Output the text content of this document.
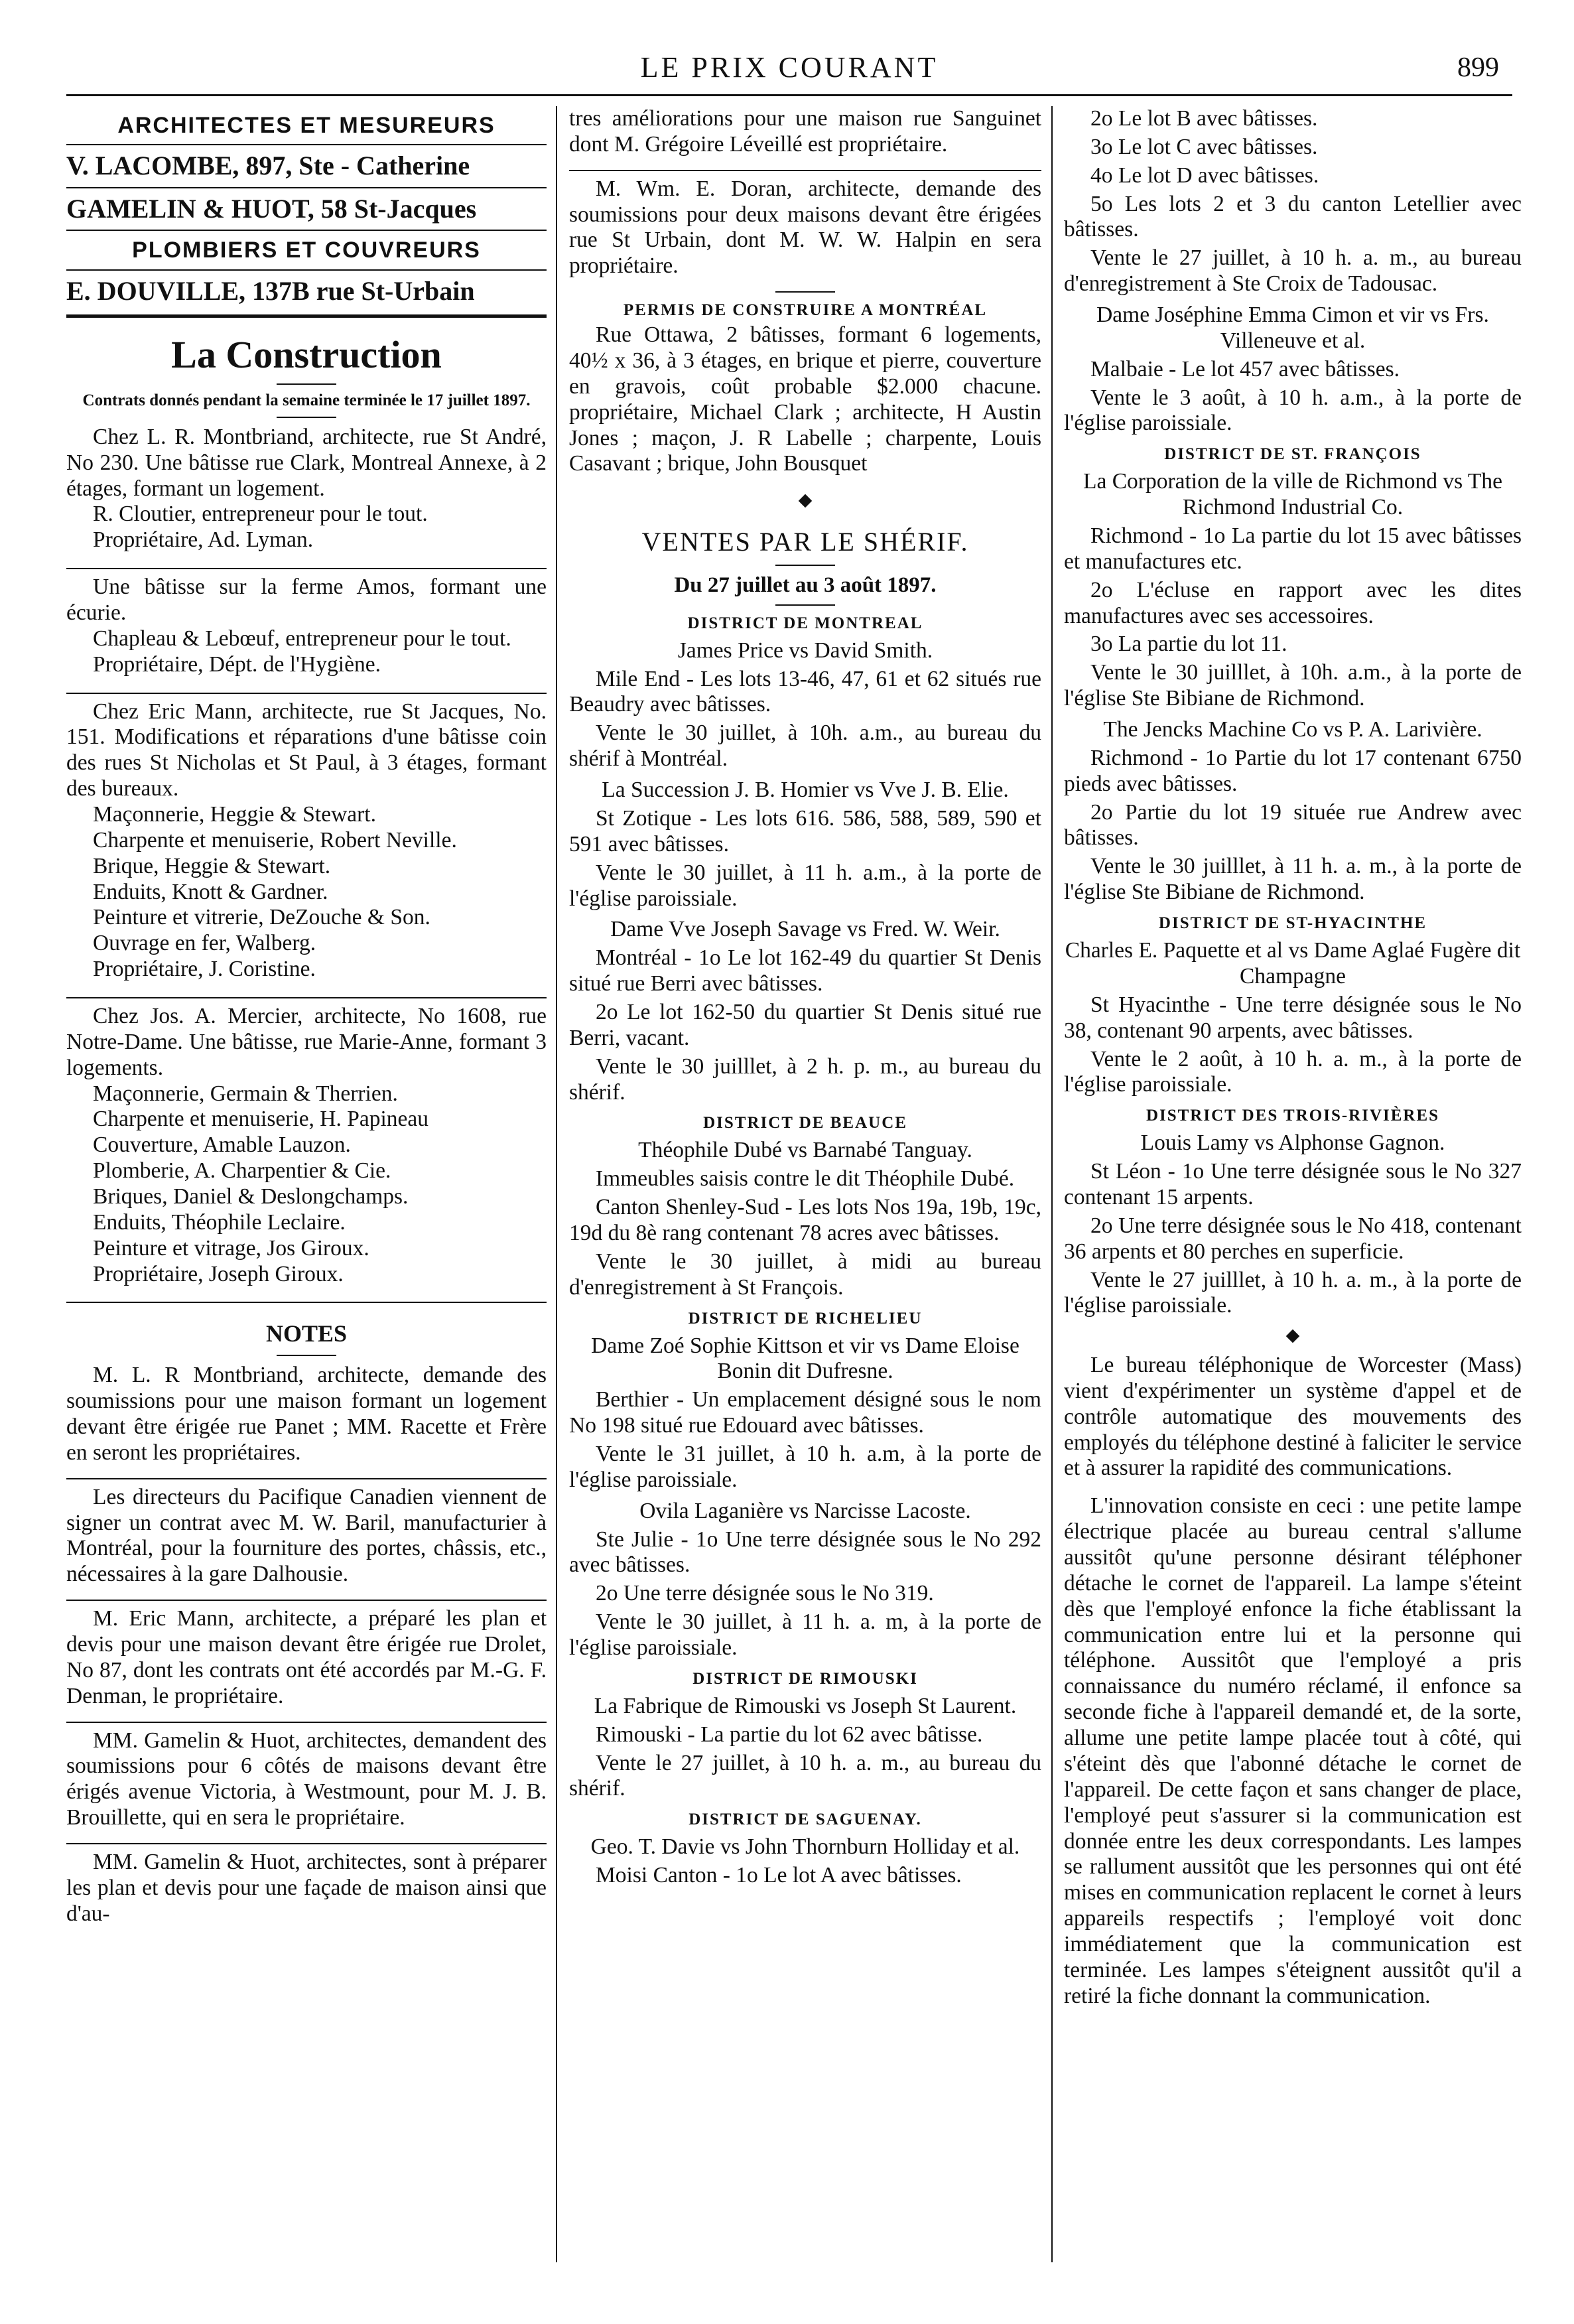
LE PRIX COURANT	899
ARCHITECTES ET MESUREURS
V. LACOMBE, 897, Ste - Catherine
GAMELIN & HUOT, 58 St-Jacques
PLOMBIERS ET COUVREURS
E. DOUVILLE, 137B rue St-Urbain
La Construction
Contrats donnés pendant la semaine terminée le 17 juillet 1897.
Chez L. R. Montbriand, architecte, rue St André, No 230. Une bâtisse rue Clark, Montreal Annexe, à 2 étages, formant un logement.
R. Cloutier, entrepreneur pour le tout.
Propriétaire, Ad. Lyman.
Une bâtisse sur la ferme Amos, formant une écurie.
Chapleau & Lebœuf, entrepreneur pour le tout.
Propriétaire, Dépt. de l'Hygiène.
Chez Eric Mann, architecte, rue St Jacques, No. 151. Modifications et réparations d'une bâtisse coin des rues St Nicholas et St Paul, à 3 étages, formant des bureaux.
Maçonnerie, Heggie & Stewart.
Charpente et menuiserie, Robert Neville.
Brique, Heggie & Stewart.
Enduits, Knott & Gardner.
Peinture et vitrerie, DeZouche & Son.
Ouvrage en fer, Walberg.
Propriétaire, J. Coristine.
Chez Jos. A. Mercier, architecte, No 1608, rue Notre-Dame. Une bâtisse, rue Marie-Anne, formant 3 logements.
Maçonnerie, Germain & Therrien.
Charpente et menuiserie, H. Papineau
Couverture, Amable Lauzon.
Plomberie, A. Charpentier & Cie.
Briques, Daniel & Deslongchamps.
Enduits, Théophile Leclaire.
Peinture et vitrage, Jos Giroux.
Propriétaire, Joseph Giroux.
NOTES

M. L. R Montbriand, architecte, demande des soumissions pour une maison formant un logement devant être érigée rue Panet ; MM. Racette et Frère en seront les propriétaires.

Les directeurs du Pacifique Canadien viennent de signer un contrat avec M. W. Baril, manufacturier à Montréal, pour la fourniture des portes, châssis, etc., nécessaires à la gare Dalhousie.

M. Eric Mann, architecte, a préparé les plan et devis pour une maison devant être érigée rue Drolet, No 87, dont les contrats ont été accordés par M.-G. F. Denman, le propriétaire.

MM. Gamelin & Huot, architectes, demandent des soumissions pour 6 côtés de maisons devant être érigés avenue Victoria, à Westmount, pour M. J. B. Brouillette, qui en sera le propriétaire.

MM. Gamelin & Huot, architectes, sont à préparer les plan et devis pour une façade de maison ainsi que d'au-

tres améliorations pour une maison rue Sanguinet dont M. Grégoire Léveillé est propriétaire.

M. Wm. E. Doran, architecte, demande des soumissions pour deux maisons devant être érigées rue St Urbain, dont M. W. W. Halpin en sera propriétaire.

PERMIS DE CONSTRUIRE A MONTRÉAL

Rue Ottawa, 2 bâtisses, formant 6 logements, 40½ x 36, à 3 étages, en brique et pierre, couverture en gravois, coût probable $2.000 chacune. propriétaire, Michael Clark ; architecte, H Austin Jones ; maçon, J. R Labelle ; charpente, Louis Casavant ; brique, John Bousquet

⬥
VENTES PAR LE SHÉRIF.
Du 27 juillet au 3 août 1897.
DISTRICT DE MONTREAL
James Price vs David Smith.
Mile End - Les lots 13-46, 47, 61 et 62 situés rue Beaudry avec bâtisses.
Vente le 30 juillet, à 10h. a.m., au bureau du shérif à Montréal.
La Succession J. B. Homier vs Vve J. B. Elie.
St Zotique - Les lots 616. 586, 588, 589, 590 et 591 avec bâtisses.
Vente le 30 juillet, à 11 h. a.m., à la porte de l'église paroissiale.
Dame Vve Joseph Savage vs Fred. W. Weir.
Montréal - 1o Le lot 162-49 du quartier St Denis situé rue Berri avec bâtisses.
2o Le lot 162-50 du quartier St Denis situé rue Berri, vacant.
Vente le 30 juilllet, à 2 h. p. m., au bureau du shérif.
DISTRICT DE BEAUCE
Théophile Dubé vs Barnabé Tanguay.
Immeubles saisis contre le dit Théophile Dubé.
Canton Shenley-Sud - Les lots Nos 19a, 19b, 19c, 19d du 8è rang contenant 78 acres avec bâtisses.
Vente le 30 juillet, à midi au bureau d'enregistrement à St François.
DISTRICT DE RICHELIEU
Dame Zoé Sophie Kittson et vir vs Dame Eloise Bonin dit Dufresne.
Berthier - Un emplacement désigné sous le nom No 198 situé rue Edouard avec bâtisses.
Vente le 31 juillet, à 10 h. a.m, à la porte de l'église paroissiale.
Ovila Laganière vs Narcisse Lacoste.
Ste Julie - 1o Une terre désignée sous le No 292 avec bâtisses.
2o Une terre désignée sous le No 319.
Vente le 30 juillet, à 11 h. a. m, à la porte de l'église paroissiale.
DISTRICT DE RIMOUSKI
La Fabrique de Rimouski vs Joseph St Laurent.
Rimouski - La partie du lot 62 avec bâtisse.
Vente le 27 juillet, à 10 h. a. m., au bureau du shérif.
DISTRICT DE SAGUENAY.
Geo. T. Davie vs John Thornburn Holliday et al.
Moisi Canton - 1o Le lot A avec bâtisses.
2o Le lot B avec bâtisses.
3o Le lot C avec bâtisses.
4o Le lot D avec bâtisses.
5o Les lots 2 et 3 du canton Letellier avec bâtisses.
Vente le 27 juillet, à 10 h. a. m., au bureau d'enregistrement à Ste Croix de Tadousac.
Dame Joséphine Emma Cimon et vir vs Frs. Villeneuve et al.
Malbaie - Le lot 457 avec bâtisses.
Vente le 3 août, à 10 h. a.m., à la porte de l'église paroissiale.
DISTRICT DE ST. FRANÇOIS
La Corporation de la ville de Richmond vs The Richmond Industrial Co.
Richmond - 1o La partie du lot 15 avec bâtisses et manufactures etc.
2o L'écluse en rapport avec les dites manufactures avec ses accessoires.
3o La partie du lot 11.
Vente le 30 juilllet, à 10h. a.m., à la porte de l'église Ste Bibiane de Richmond.
The Jencks Machine Co vs P. A. Larivière.
Richmond - 1o Partie du lot 17 contenant 6750 pieds avec bâtisses.
2o Partie du lot 19 située rue Andrew avec bâtisses.
Vente le 30 juilllet, à 11 h. a. m., à la porte de l'église Ste Bibiane de Richmond.
DISTRICT DE ST-HYACINTHE
Charles E. Paquette et al vs Dame Aglaé Fugère dit Champagne
St Hyacinthe - Une terre désignée sous le No 38, contenant 90 arpents, avec bâtisses.
Vente le 2 août, à 10 h. a. m., à la porte de l'église paroissiale.
DISTRICT DES TROIS-RIVIÈRES
Louis Lamy vs Alphonse Gagnon.
St Léon - 1o Une terre désignée sous le No 327 contenant 15 arpents.
2o Une terre désignée sous le No 418, contenant 36 arpents et 80 perches en superficie.
Vente le 27 juilllet, à 10 h. a. m., à la porte de l'église paroissiale.
⬥

Le bureau téléphonique de Worcester (Mass) vient d'expérimenter un système d'appel et de contrôle automatique des mouvements des employés du téléphone destiné à faliciter le service et à assurer la rapidité des communications.

L'innovation consiste en ceci : une petite lampe électrique placée au bureau central s'allume aussitôt qu'une personne désirant téléphoner détache le cornet de l'appareil. La lampe s'éteint dès que l'employé enfonce la fiche établissant la communication entre lui et la personne qui téléphone. Aussitôt que l'employé a pris connaissance du numéro réclamé, il enfonce sa seconde fiche à l'appareil demandé et, de la sorte, allume une petite lampe placée tout à côté, qui s'éteint dès que l'abonné détache le cornet de l'appareil. De cette façon et sans changer de place, l'employé peut s'assurer si la communication est donnée entre les deux correspondants. Les lampes se rallument aussitôt que les personnes qui ont été mises en communication replacent le cornet à leurs appareils respectifs ; l'employé voit donc immédiatement que la communication est terminée. Les lampes s'éteignent aussitôt qu'il a retiré la fiche donnant la communication.
